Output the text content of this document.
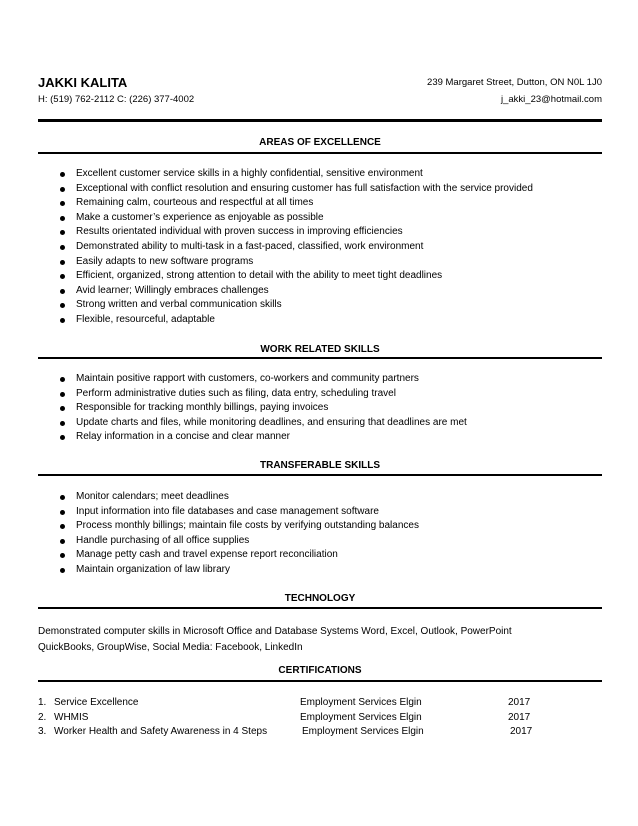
JAKKI KALITA	239 Margaret Street, Dutton, ON N0L 1J0
H: (519) 762-2112 C: (226) 377-4002	j_akki_23@hotmail.com
AREAS OF EXCELLENCE
Excellent customer service skills in a highly confidential, sensitive environment
Exceptional with conflict resolution and ensuring customer has full satisfaction with the service provided
Remaining calm, courteous and respectful at all times
Make a customer’s experience as enjoyable as possible
Results orientated individual with proven success in improving efficiencies
Demonstrated ability to multi-task in a fast-paced, classified, work environment
Easily adapts to new software programs
Efficient, organized, strong attention to detail with the ability to meet tight deadlines
Avid learner; Willingly embraces challenges
Strong written and verbal communication skills
Flexible, resourceful, adaptable
WORK RELATED SKILLS
Maintain positive rapport with customers, co-workers and community partners
Perform administrative duties such as filing, data entry, scheduling travel
Responsible for tracking monthly billings, paying invoices
Update charts and files, while monitoring deadlines, and ensuring that deadlines are met
Relay information in a concise and clear manner
TRANSFERABLE SKILLS
Monitor calendars; meet deadlines
Input information into file databases and case management software
Process monthly billings; maintain file costs by verifying outstanding balances
Handle purchasing of all office supplies
Manage petty cash and travel expense report reconciliation
Maintain organization of law library
TECHNOLOGY
Demonstrated computer skills in Microsoft Office and Database Systems Word, Excel, Outlook, PowerPoint
QuickBooks, GroupWise, Social Media: Facebook, LinkedIn
CERTIFICATIONS
1. Service Excellence	Employment Services Elgin	2017
2. WHMIS	Employment Services Elgin	2017
3. Worker Health and Safety Awareness in 4 Steps	Employment Services Elgin	2017
